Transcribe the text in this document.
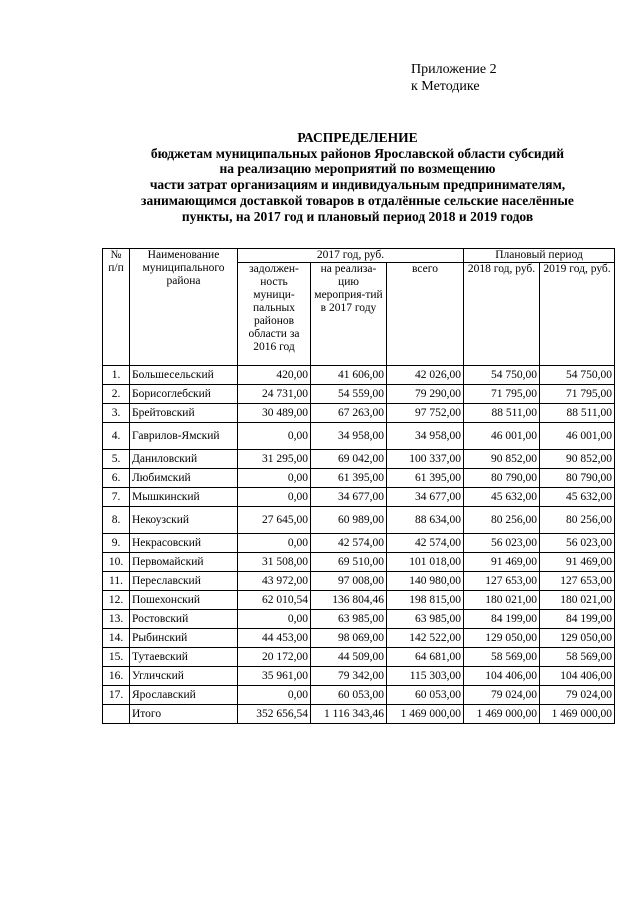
Приложение 2
к Методике
РАСПРЕДЕЛЕНИЕ
бюджетам муниципальных районов Ярославской области субсидий
на реализацию мероприятий по возмещению
части затрат организациям и индивидуальным предпринимателям,
занимающимся доставкой товаров в отдалённые сельские населённые
пункты, на 2017 год и плановый период 2018 и 2019 годов
№ п/п	Наименование муниципального района	2017 год, руб.			Плановый период	
		задолжен-ность муници-пальных районов области за 2016 год	на реализа-цию мероприя-тий в 2017 году	всего	2018 год, руб.	2019 год, руб.
1.	Большесельский	420,00	41 606,00	42 026,00	54 750,00	54 750,00
2.	Борисоглебский	24 731,00	54 559,00	79 290,00	71 795,00	71 795,00
3.	Брейтовский	30 489,00	67 263,00	97 752,00	88 511,00	88 511,00
4.	Гаврилов-Ямский	0,00	34 958,00	34 958,00	46 001,00	46 001,00
5.	Даниловский	31 295,00	69 042,00	100 337,00	90 852,00	90 852,00
6.	Любимский	0,00	61 395,00	61 395,00	80 790,00	80 790,00
7.	Мышкинский	0,00	34 677,00	34 677,00	45 632,00	45 632,00
8.	Некоузский	27 645,00	60 989,00	88 634,00	80 256,00	80 256,00
9.	Некрасовский	0,00	42 574,00	42 574,00	56 023,00	56 023,00
10.	Первомайский	31 508,00	69 510,00	101 018,00	91 469,00	91 469,00
11.	Переславский	43 972,00	97 008,00	140 980,00	127 653,00	127 653,00
12.	Пошехонский	62 010,54	136 804,46	198 815,00	180 021,00	180 021,00
13.	Ростовский	0,00	63 985,00	63 985,00	84 199,00	84 199,00
14.	Рыбинский	44 453,00	98 069,00	142 522,00	129 050,00	129 050,00
15.	Тутаевский	20 172,00	44 509,00	64 681,00	58 569,00	58 569,00
16.	Угличский	35 961,00	79 342,00	115 303,00	104 406,00	104 406,00
17.	Ярославский	0,00	60 053,00	60 053,00	79 024,00	79 024,00
	Итого	352 656,54	1 116 343,46	1 469 000,00	1 469 000,00	1 469 000,00
